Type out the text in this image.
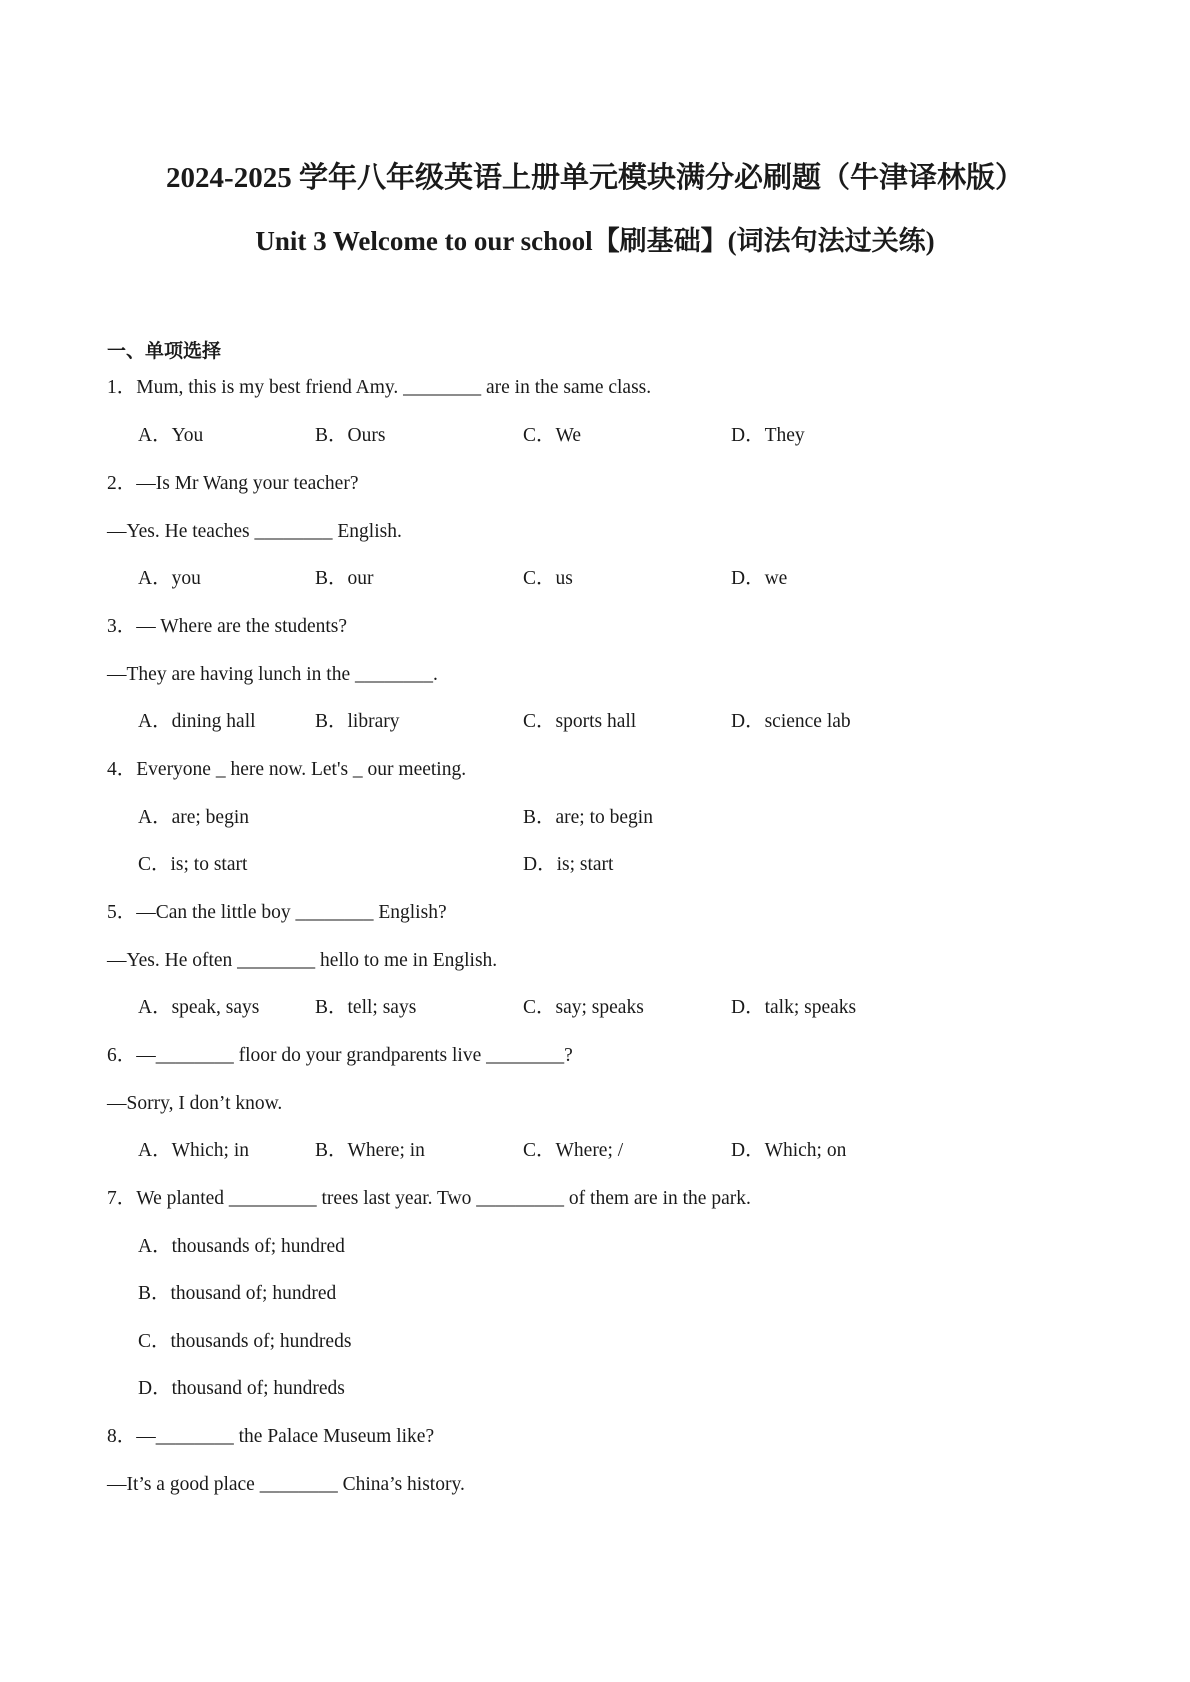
2024-2025 学年八年级英语上册单元模块满分必刷题（牛津译林版）
Unit 3 Welcome to our school【刷基础】(词法句法过关练)
一、单项选择
1．Mum, this is my best friend Amy. ________ are in the same class.
A．You	B．Ours	C．We	D．They
2．—Is Mr Wang your teacher?
—Yes. He teaches ________ English.
A．you	B．our	C．us	D．we
3．— Where are the students?
—They are having lunch in the ________.
A．dining hall	B．library	C．sports hall	D．science lab
4．Everyone _ here now. Let's _ our meeting.
A．are; begin	B．are; to begin
C．is; to start	D．is; start
5．—Can the little boy ________ English?
—Yes. He often ________ hello to me in English.
A．speak, says	B．tell; says	C．say; speaks	D．talk; speaks
6．—________ floor do your grandparents live ________?
—Sorry, I don’t know.
A．Which; in	B．Where; in	C．Where; /	D．Which; on
7．We planted _________ trees last year. Two _________ of them are in the park.
A．thousands of; hundred
B．thousand of; hundred
C．thousands of; hundreds
D．thousand of; hundreds
8．—________ the Palace Museum like?
—It’s a good place ________ China’s history.
